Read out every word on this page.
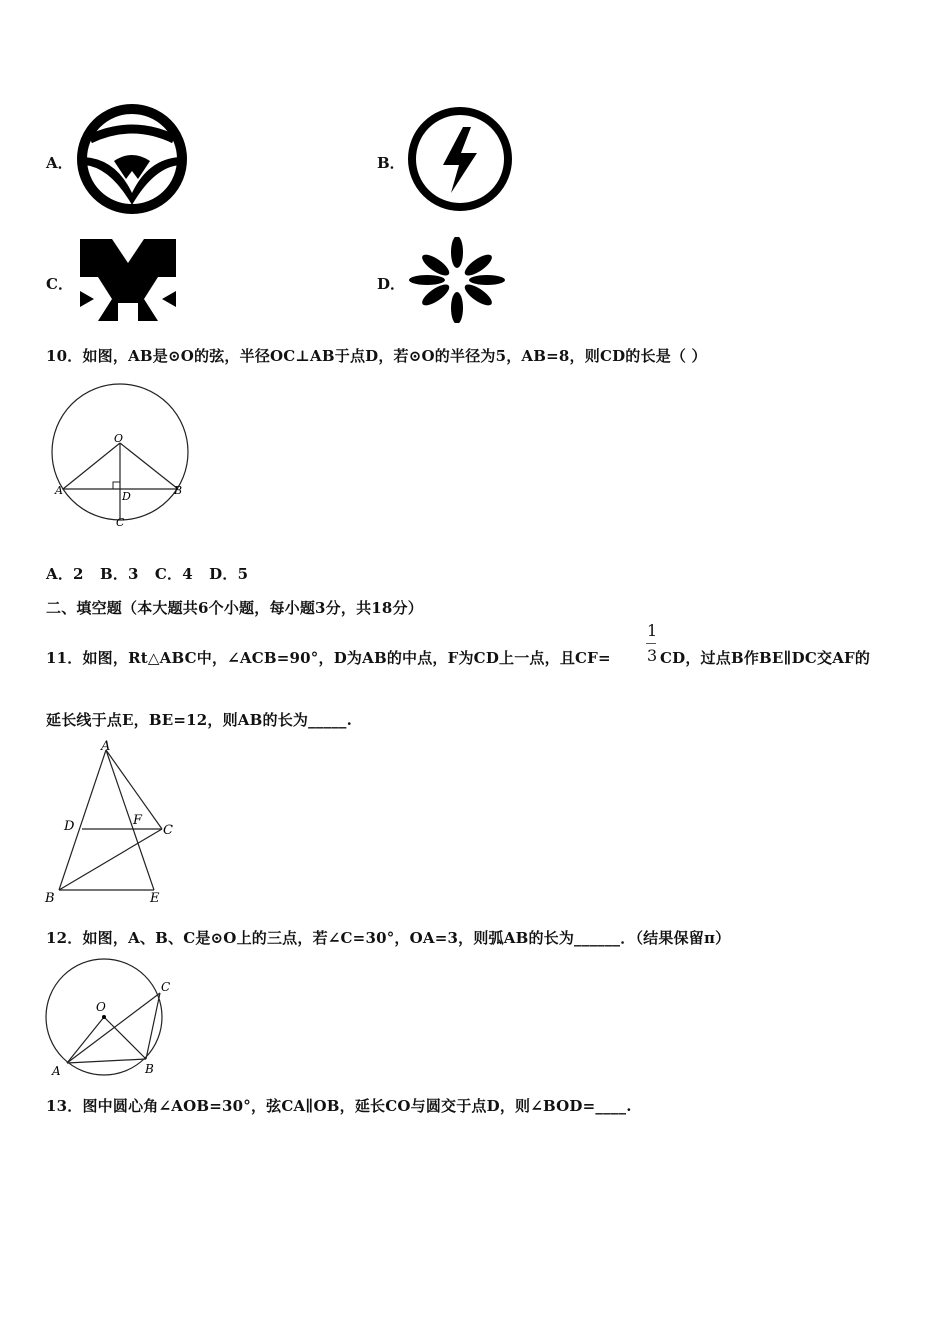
A．	B．
C．	D．
10．如图，AB是⊙O的弦，半径OC⊥AB于点D，若⊙O的半径为5，AB=8，则CD的长是（ ）
O
A	B
D
C
A．2   B．3   C．4   D．5
二、填空题（本大题共6个小题，每小题3分，共18分）
11．如图，Rt△ABC中，∠ACB=90°，D为AB的中点，F为CD上一点，且CF=
1
3 CD，过点B作BE∥DC交AF的
延长线于点E，BE=12，则AB的长为_____.
A
D	F
C
B	E
12．如图，A、B、C是⊙O上的三点，若∠C=30°，OA=3，则弧AB的长为______．（结果保留π）
O
A	B
C
13．图中圆心角∠AOB=30°，弦CA∥OB，延长CO与圆交于点D，则∠BOD=____.
